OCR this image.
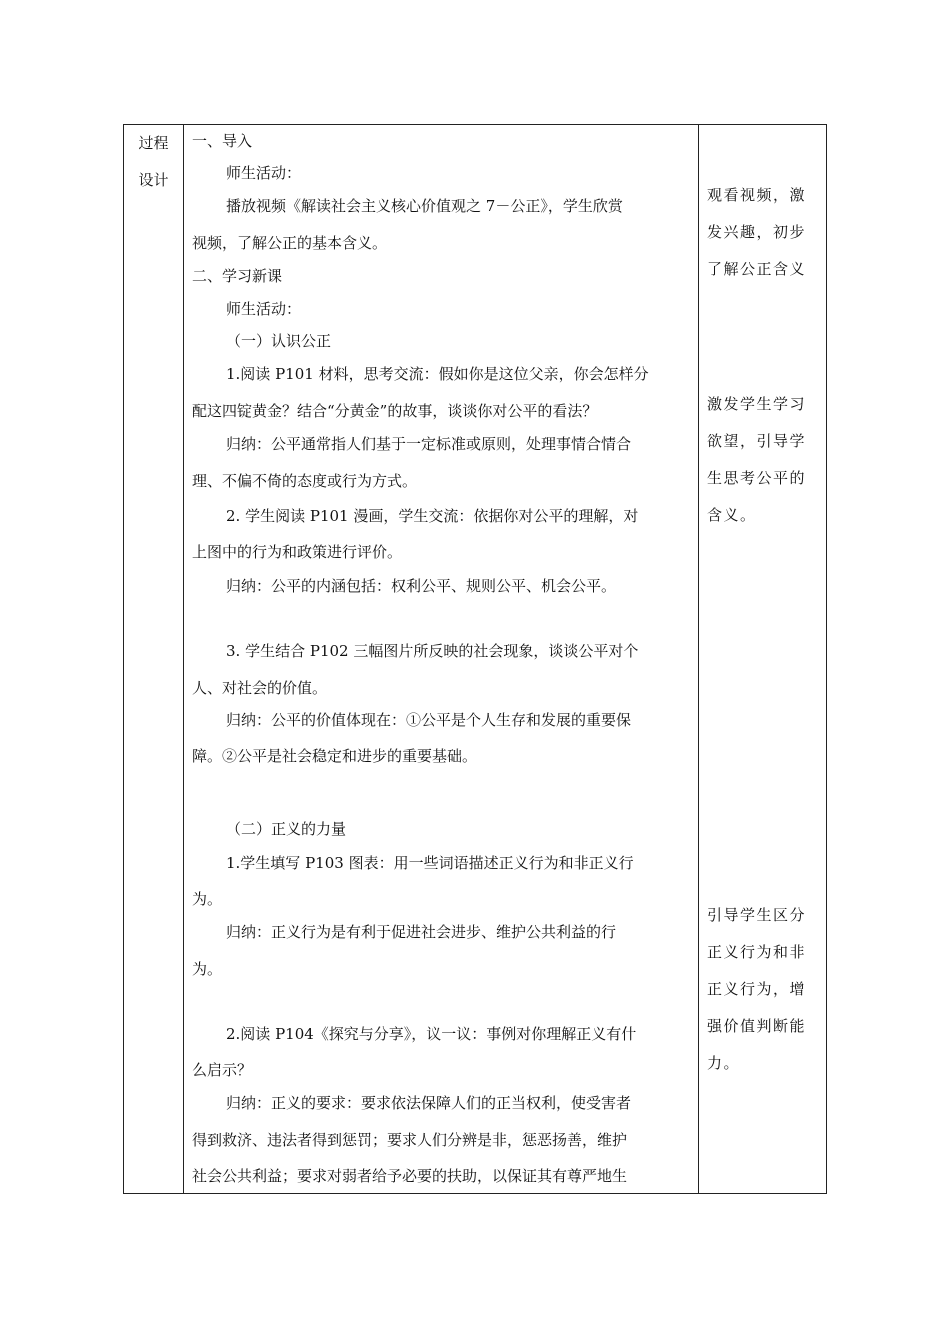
过程
设计
一、导入
师生活动：
播放视频《解读社会主义核心价值观之 7－公正》，学生欣赏
视频，了解公正的基本含义。
二、学习新课
师生活动：
（一）认识公正
1.阅读 P101 材料，思考交流：假如你是这位父亲，你会怎样分
配这四锭黄金？结合“分黄金”的故事，谈谈你对公平的看法？
归纳：公平通常指人们基于一定标准或原则，处理事情合情合
理、不偏不倚的态度或行为方式。
2. 学生阅读 P101 漫画，学生交流：依据你对公平的理解，对
上图中的行为和政策进行评价。
归纳：公平的内涵包括：权利公平、规则公平、机会公平。
3. 学生结合 P102 三幅图片所反映的社会现象，谈谈公平对个
人、对社会的价值。
归纳：公平的价值体现在：①公平是个人生存和发展的重要保
障。②公平是社会稳定和进步的重要基础。
（二）正义的力量
1.学生填写 P103 图表：用一些词语描述正义行为和非正义行
为。
归纳：正义行为是有利于促进社会进步、维护公共利益的行
为。
2.阅读 P104《探究与分享》，议一议：事例对你理解正义有什
么启示？
归纳：正义的要求：要求依法保障人们的正当权利，使受害者
得到救济、违法者得到惩罚；要求人们分辨是非，惩恶扬善，维护
社会公共利益；要求对弱者给予必要的扶助，以保证其有尊严地生
观看视频，激
发兴趣，初步
了解公正含义
激发学生学习
欲望，引导学
生思考公平的
含义。
引导学生区分
正义行为和非
正义行为，增
强价值判断能
力。
